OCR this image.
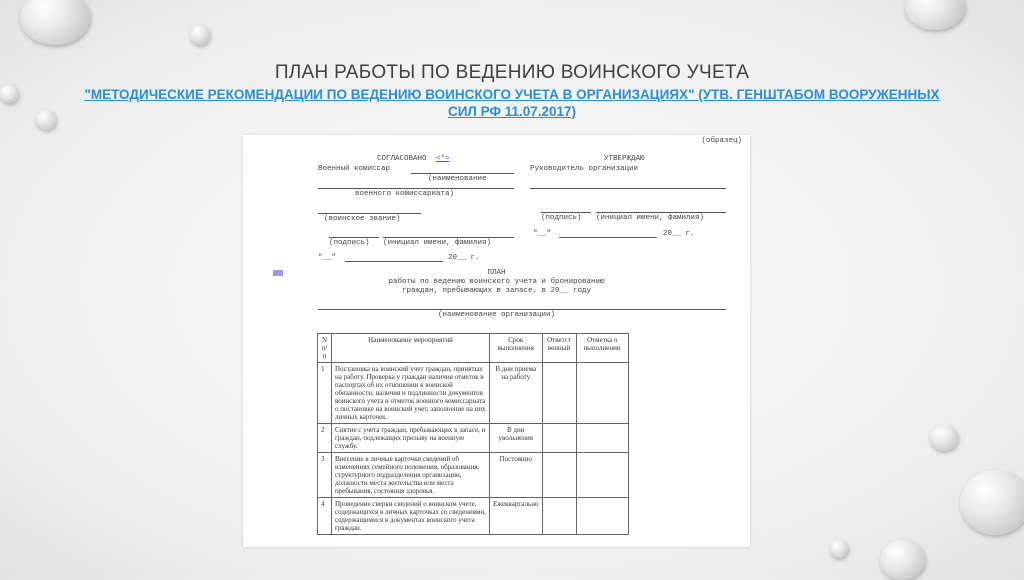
ПЛАН РАБОТЫ ПО ВЕДЕНИЮ ВОИНСКОГО УЧЕТА
"МЕТОДИЧЕСКИЕ РЕКОМЕНДАЦИИ ПО ВЕДЕНИЮ ВОИНСКОГО УЧЕТА В ОРГАНИЗАЦИЯХ" (УТВ. ГЕНШТАБОМ ВООРУЖЕННЫХ СИЛ РФ 11.07.2017)
(образец)
СОГЛАСОВАНО <*>
Военный комиссар
(наименование
военного комиссариата)
(воинское звание)
(подпись) (инициал имени, фамилия)
"__"	20__ г.
УТВЕРЖДАЮ
Руководитель организации
(подпись) (инициал имени, фамилия)
"__"	20__ г.
ПЛАН
работы по ведению воинского учета и бронированию
граждан, пребывающих в запасе, в 20__ году
(наименование организации)
N п/п	Наименование мероприятий	Срок выполнения	Ответст венный	Отметка о выполнении
1	Постановка на воинский учет граждан, принятых на работу. Проверка у граждан наличия отметок в паспортах об их отношении к воинской обязанности, наличия и подлинности документов воинского учета и отметок военного комиссариата о постановке на воинский учет, заполнение на них личных карточек.	В дни приема на работу		
2	Снятие с учета граждан, пребывающих в запасе, и граждан, подлежащих призыву на военную службу.	В дни увольнения		
3	Внесение в личные карточки сведений об изменениях семейного положения, образования, структурного подразделения организации, должности места жительства или места пребывания, состояния здоровья.	Постоянно		
4	Проведение сверки сведений о воинском учете, содержащихся в личных карточках со сведениями, содержащимися в документах воинского учета граждан.	Ежеквартально		
